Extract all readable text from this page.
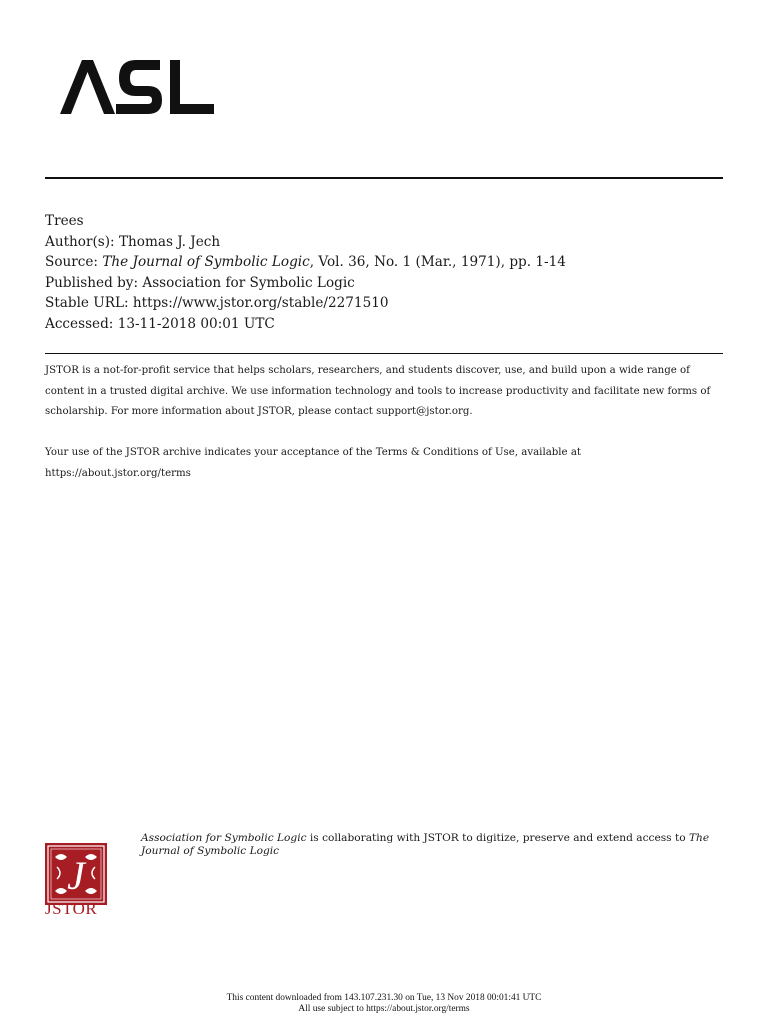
Trees
Author(s): Thomas J. Jech
Source: The Journal of Symbolic Logic, Vol. 36, No. 1 (Mar., 1971), pp. 1-14
Published by: Association for Symbolic Logic
Stable URL: https://www.jstor.org/stable/2271510
Accessed: 13-11-2018 00:01 UTC
JSTOR is a not-for-profit service that helps scholars, researchers, and students discover, use, and build upon a wide range of content in a trusted digital archive. We use information technology and tools to increase productivity and facilitate new forms of scholarship. For more information about JSTOR, please contact support@jstor.org.
Your use of the JSTOR archive indicates your acceptance of the Terms & Conditions of Use, available at
https://about.jstor.org/terms
J
JSTOR
Association for Symbolic Logic is collaborating with JSTOR to digitize, preserve and extend access to The Journal of Symbolic Logic
This content downloaded from 143.107.231.30 on Tue, 13 Nov 2018 00:01:41 UTC
All use subject to https://about.jstor.org/terms
